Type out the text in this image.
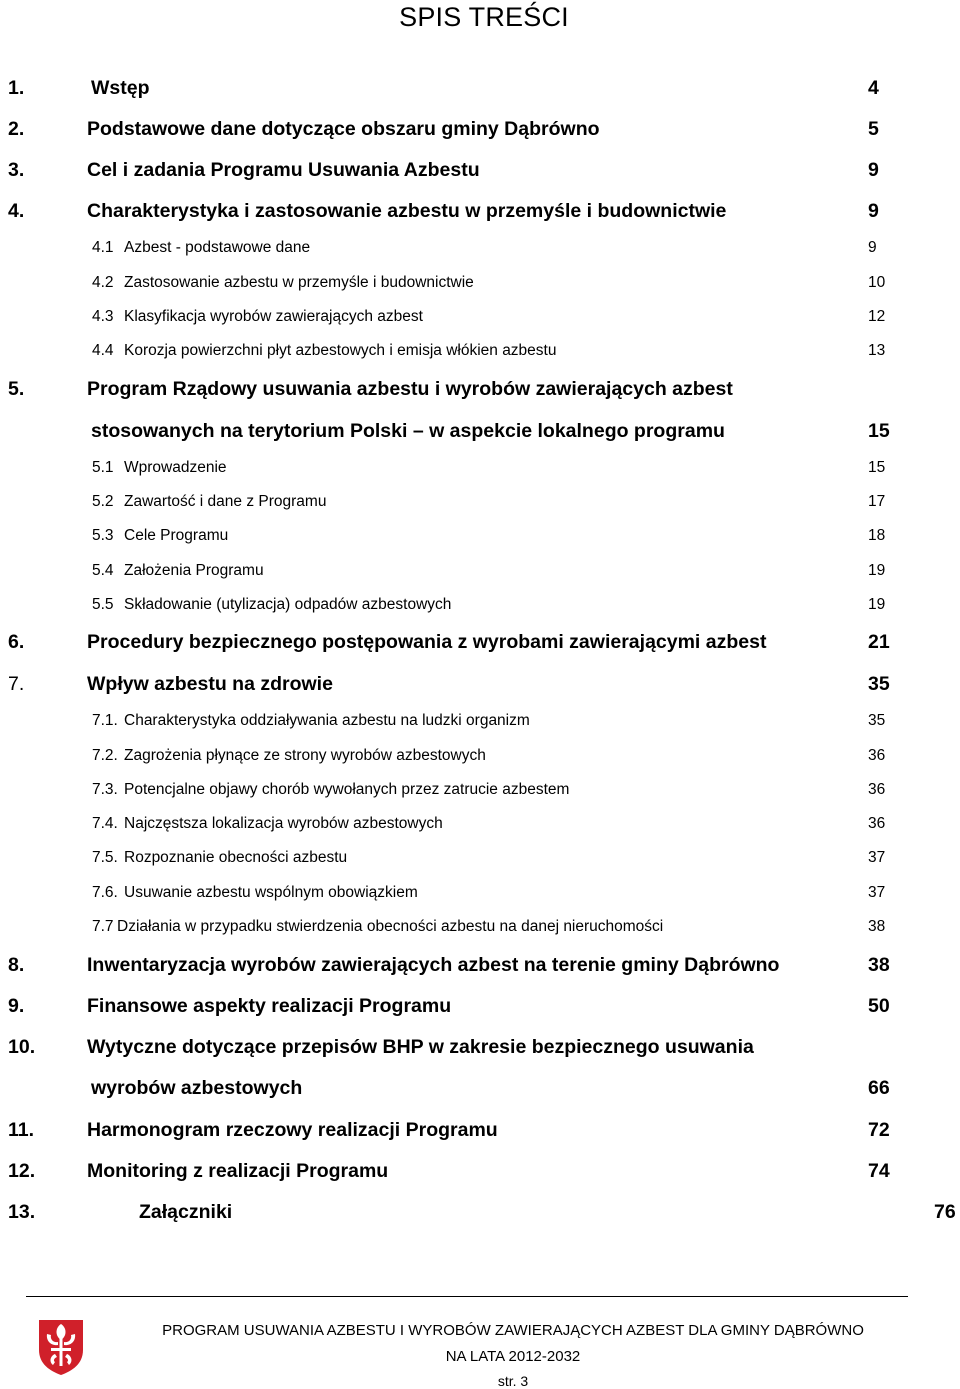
SPIS TREŚCI
1.	Wstęp	4
2.	Podstawowe dane dotyczące obszaru gminy Dąbrówno	5
3.	Cel i zadania Programu Usuwania Azbestu	9
4.	Charakterystyka i zastosowanie azbestu w przemyśle i budownictwie	9
4.1 Azbest - podstawowe dane	9
4.2 Zastosowanie azbestu w przemyśle i budownictwie	10
4.3 Klasyfikacja wyrobów zawierających azbest	12
4.4 Korozja powierzchni płyt azbestowych i emisja włókien azbestu	13
5.	Program Rządowy usuwania azbestu i wyrobów zawierających azbest
stosowanych na terytorium Polski – w aspekcie lokalnego programu	15
5.1 Wprowadzenie	15
5.2 Zawartość i dane z Programu	17
5.3 Cele Programu	18
5.4 Założenia Programu	19
5.5 Składowanie (utylizacja) odpadów azbestowych	19
6.	Procedury bezpiecznego postępowania z wyrobami zawierającymi azbest	21
7.	Wpływ azbestu na zdrowie	35
7.1. Charakterystyka oddziaływania azbestu na ludzki organizm	35
7.2. Zagrożenia płynące ze strony wyrobów azbestowych	36
7.3. Potencjalne objawy chorób wywołanych przez zatrucie azbestem	36
7.4. Najczęstsza lokalizacja wyrobów azbestowych	36
7.5. Rozpoznanie obecności azbestu	37
7.6. Usuwanie azbestu wspólnym obowiązkiem	37
7.7 Działania w przypadku stwierdzenia obecności azbestu na danej nieruchomości	38
8.	Inwentaryzacja wyrobów zawierających azbest na terenie gminy Dąbrówno	38
9.	Finansowe aspekty realizacji Programu	50
10.	Wytyczne dotyczące przepisów BHP w zakresie bezpiecznego usuwania
wyrobów azbestowych	66
11.	Harmonogram rzeczowy realizacji Programu	72
12.	Monitoring z realizacji Programu	74
13.	Załączniki	76
PROGRAM USUWANIA AZBESTU I WYROBÓW ZAWIERAJĄCYCH AZBEST DLA GMINY DĄBRÓWNO
NA LATA 2012-2032
str. 3
